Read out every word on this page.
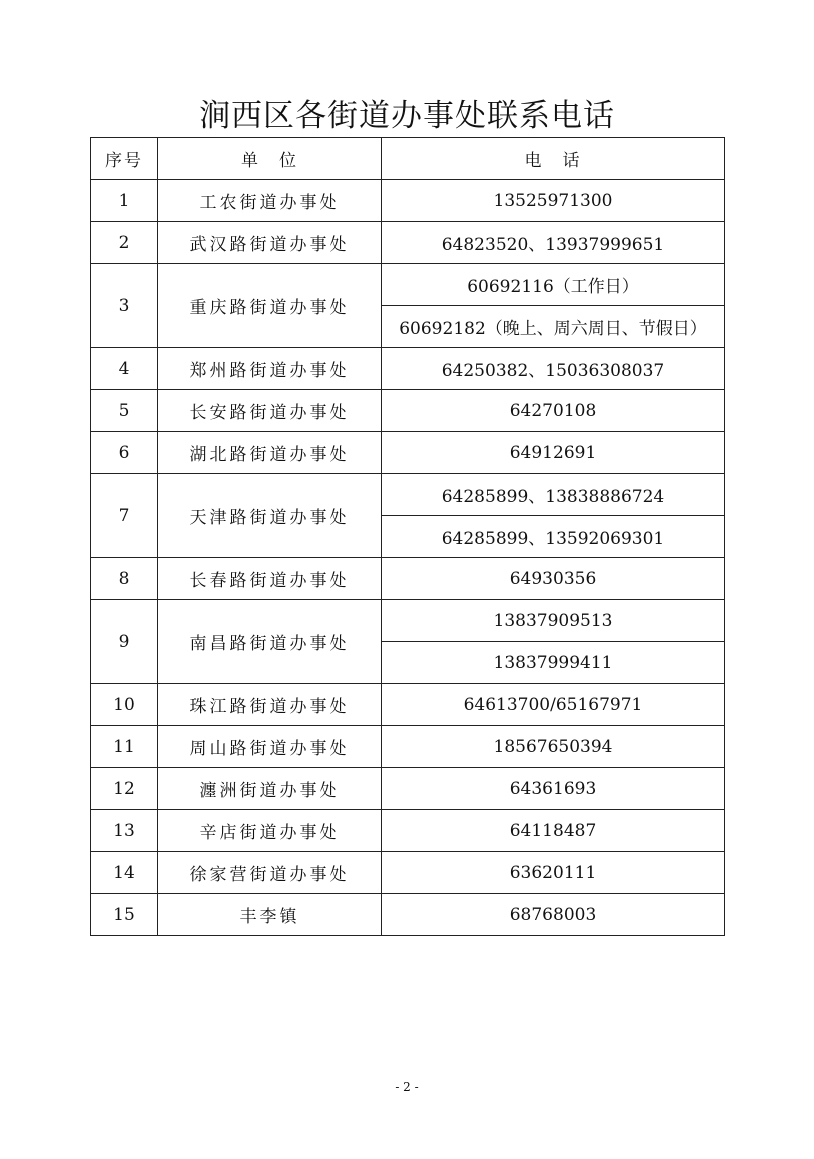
涧西区各街道办事处联系电话
序号	单　位	电　话
1	工农街道办事处	13525971300
2	武汉路街道办事处	64823520、13937999651
3	重庆路街道办事处	60692116（工作日）
		60692182（晚上、周六周日、节假日）
4	郑州路街道办事处	64250382、15036308037
5	长安路街道办事处	64270108
6	湖北路街道办事处	64912691
7	天津路街道办事处	64285899、13838886724
		64285899、13592069301
8	长春路街道办事处	64930356
9	南昌路街道办事处	13837909513
		13837999411
10	珠江路街道办事处	64613700/65167971
11	周山路街道办事处	18567650394
12	瀍洲街道办事处	64361693
13	辛店街道办事处	64118487
14	徐家营街道办事处	63620111
15	丰李镇	68768003
- 2 -
